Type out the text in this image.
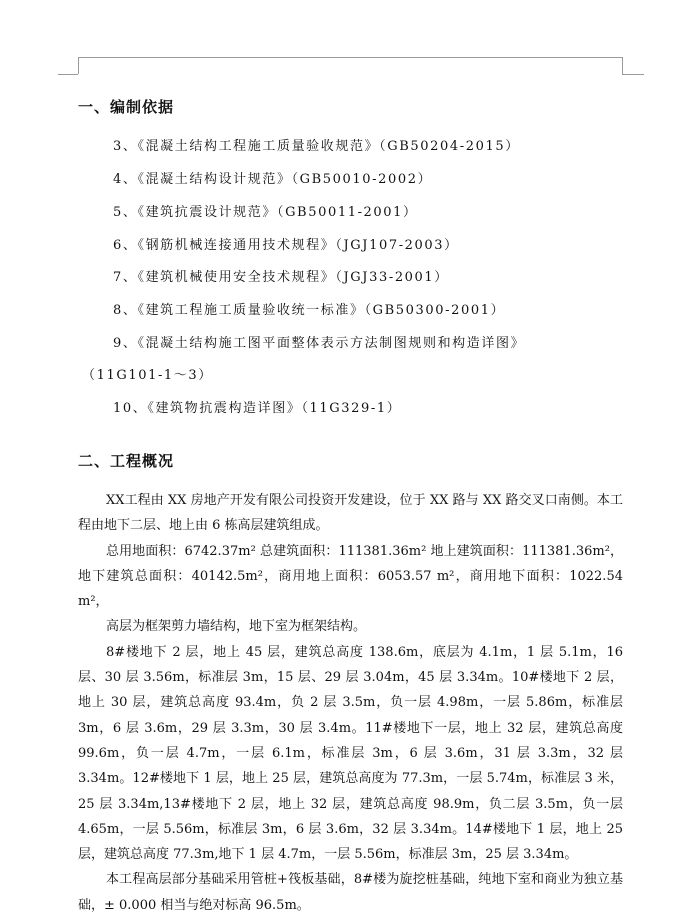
一、编制依据
3、《混凝土结构工程施工质量验收规范》（GB50204-2015）
4、《混凝土结构设计规范》（GB50010-2002）
5、《建筑抗震设计规范》（GB50011-2001）
6、《钢筋机械连接通用技术规程》（JGJ107-2003）
7、《建筑机械使用安全技术规程》（JGJ33-2001）
8、《建筑工程施工质量验收统一标准》（GB50300-2001）
9、《混凝土结构施工图平面整体表示方法制图规则和构造详图》
（11G101-1～3）
10、《建筑物抗震构造详图》（11G329-1）
二、工程概况

XX工程由 XX 房地产开发有限公司投资开发建设，位于 XX 路与 XX 路交叉口南侧。本工程由地下二层、地上由 6 栋高层建筑组成。

总用地面积：6742.37m² 总建筑面积：111381.36m² 地上建筑面积：111381.36m²，地下建筑总面积：40142.5m²，商用地上面积：6053.57 m²，商用地下面积：1022.54 m²，

高层为框架剪力墙结构，地下室为框架结构。

8#楼地下 2 层，地上 45 层，建筑总高度 138.6m，底层为 4.1m，1 层 5.1m，16 层、30 层 3.56m，标准层 3m，15 层、29 层 3.04m，45 层 3.34m。10#楼地下 2 层，地上 30 层，建筑总高度 93.4m，负 2 层 3.5m，负一层 4.98m，一层 5.86m，标准层 3m，6 层 3.6m，29 层 3.3m，30 层 3.4m。11#楼地下一层，地上 32 层，建筑总高度 99.6m，负一层 4.7m，一层 6.1m，标准层 3m，6 层 3.6m，31 层 3.3m，32 层 3.34m。12#楼地下 1 层，地上 25 层，建筑总高度为 77.3m，一层 5.74m，标准层 3 米，25 层 3.34m,13#楼地下 2 层，地上 32 层，建筑总高度 98.9m，负二层 3.5m，负一层 4.65m，一层 5.56m，标准层 3m，6 层 3.6m，32 层 3.34m。14#楼地下 1 层，地上 25 层，建筑总高度 77.3m,地下 1 层 4.7m，一层 5.56m，标准层 3m，25 层 3.34m。

本工程高层部分基础采用管桩+筏板基础，8#楼为旋挖桩基础，纯地下室和商业为独立基础，± 0.000 相当与绝对标高 96.5m。
